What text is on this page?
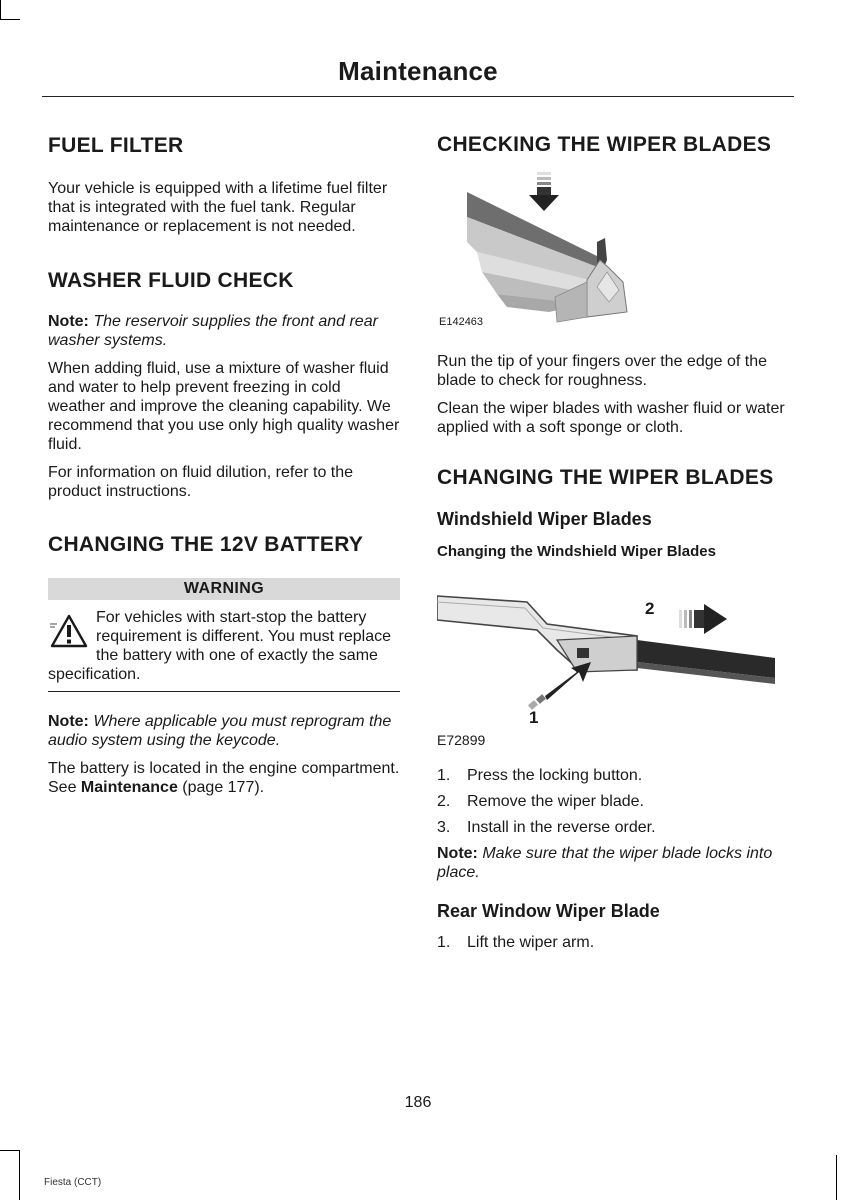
Maintenance
FUEL FILTER

Your vehicle is equipped with a lifetime fuel filter that is integrated with the fuel tank. Regular maintenance or replacement is not needed.

WASHER FLUID CHECK

Note: The reservoir supplies the front and rear washer systems.

When adding fluid, use a mixture of washer fluid and water to help prevent freezing in cold weather and improve the cleaning capability. We recommend that you use only high quality washer fluid.

For information on fluid dilution, refer to the product instructions.

CHANGING THE 12V BATTERY
WARNING
For vehicles with start-stop the battery requirement is different. You must replace the battery with one of exactly the same specification.

Note: Where applicable you must reprogram the audio system using the keycode.

The battery is located in the engine compartment. See Maintenance (page 177).

CHECKING THE WIPER BLADES
E142463

Run the tip of your fingers over the edge of the blade to check for roughness.

Clean the wiper blades with washer fluid or water applied with a soft sponge or cloth.

CHANGING THE WIPER BLADES
Windshield Wiper Blades
Changing the Windshield Wiper Blades
2
1
E72899
1. Press the locking button.
2. Remove the wiper blade.
3. Install in the reverse order.

Note: Make sure that the wiper blade locks into place.

Rear Window Wiper Blade
1. Lift the wiper arm.
186
Fiesta (CCT)
